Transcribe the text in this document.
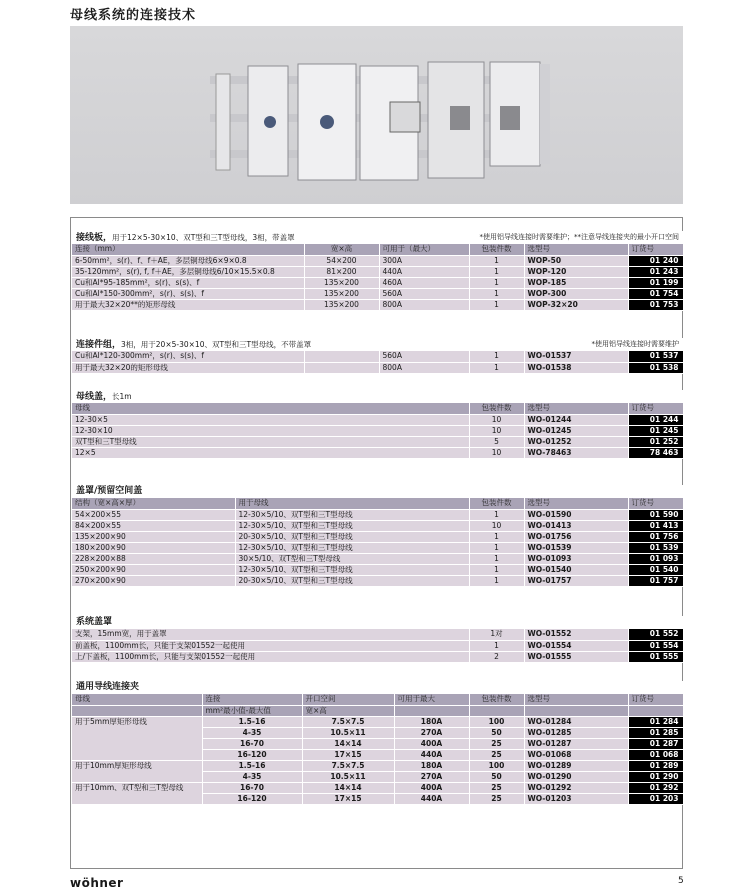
母线系统的连接技术
接线板，用于12×5-30×10、双T型和三T型母线，3相，带盖罩	*使用铝导线连接时需要维护；**注意导线连接夹的最小开口空间
连接（mm）	宽×高	可用于（最大）	包装件数	选型号	订货号
6-50mm²，s(r)、f、f＋AE，多层铜母线6×9×0.8	54×200	300A	1	WOP-50	01 240
35-120mm²，s(r), f, f＋AE，多层铜母线6/10×15.5×0.8	81×200	440A	1	WOP-120	01 243
Cu和Al*95-185mm²，s(r)、s(s)、f	135×200	460A	1	WOP-185	01 199
Cu和Al*150-300mm²，s(r)、s(s)、f	135×200	560A	1	WOP-300	01 754
用于最大32×20**的矩形母线	135×200	800A	1	WOP-32×20	01 753
连接件组，3相，用于20×5-30×10、双T型和三T型母线，不带盖罩	*使用铝导线连接时需要维护
Cu和Al*120-300mm²，s(r)、s(s)、f		560A	1	WO-01537	01 537
用于最大32×20的矩形母线		800A	1	WO-01538	01 538
母线盖，长1m
母线	包装件数	选型号	订货号
12-30×5	10	WO-01244	01 244
12-30×10	10	WO-01245	01 245
双T型和三T型母线	5	WO-01252	01 252
12×5	10	WO-78463	78 463
盖罩/预留空间盖
结构（宽×高×厚）	用于母线	包装件数	选型号	订货号
54×200×55	12-30×5/10、双T型和三T型母线	1	WO-01590	01 590
84×200×55	12-30×5/10、双T型和三T型母线	10	WO-01413	01 413
135×200×90	20-30×5/10、双T型和三T型母线	1	WO-01756	01 756
180×200×90	12-30×5/10、双T型和三T型母线	1	WO-01539	01 539
228×200×88	30×5/10、双T型和三T型母线	1	WO-01093	01 093
250×200×90	12-30×5/10、双T型和三T型母线	1	WO-01540	01 540
270×200×90	20-30×5/10、双T型和三T型母线	1	WO-01757	01 757
系统盖罩
支架，15mm宽，用于盖罩	1对	WO-01552	01 552
前盖板，1100mm长，只能于支架01552一起使用	1	WO-01554	01 554
上/下盖板，1100mm长，只能与支架01552一起使用	2	WO-01555	01 555
通用导线连接夹
母线	连接	开口空间	可用于最大	包装件数	选型号	订货号
	mm²最小值-最大值	宽×高				
用于5mm厚矩形母线	1.5-16	7.5×7.5	180A	100	WO-01284	01 284
	4-35	10.5×11	270A	50	WO-01285	01 285
	16-70	14×14	400A	25	WO-01287	01 287
	16-120	17×15	440A	25	WO-01068	01 068
用于10mm厚矩形母线	1.5-16	7.5×7.5	180A	100	WO-01289	01 289
	4-35	10.5×11	270A	50	WO-01290	01 290
用于10mm、双T型和三T型母线	16-70	14×14	400A	25	WO-01292	01 292
	16-120	17×15	440A	25	WO-01203	01 203
wöhner	5
